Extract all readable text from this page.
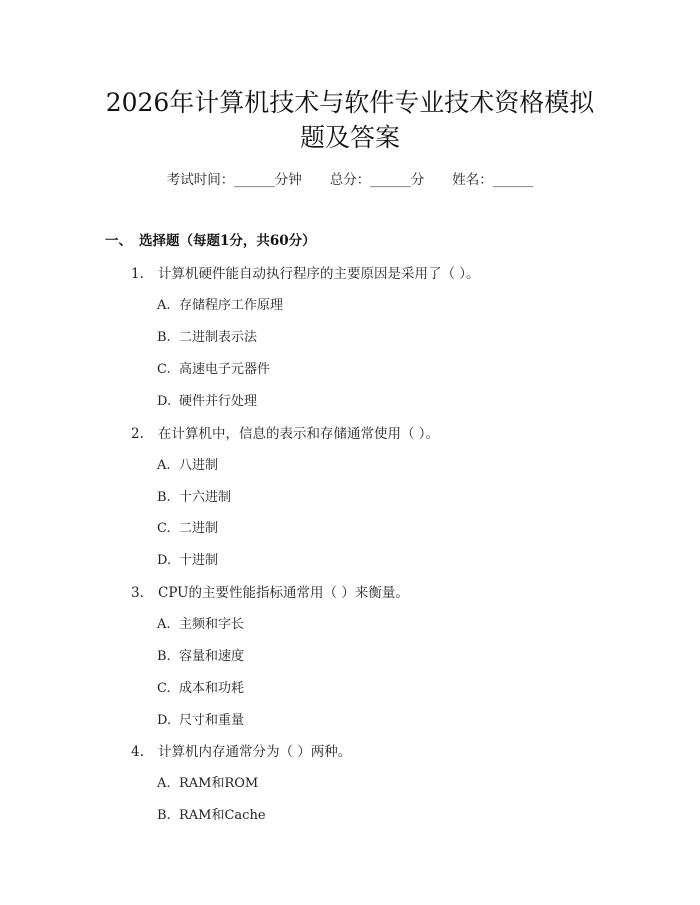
2026年计算机技术与软件专业技术资格模拟
题及答案
考试时间：______分钟 总分：______分 姓名：______
一、 选择题（每题1分，共60分）
1. 计算机硬件能自动执行程序的主要原因是采用了（ ）。
A. 存储程序工作原理
B. 二进制表示法
C. 高速电子元器件
D. 硬件并行处理
2. 在计算机中，信息的表示和存储通常使用（ ）。
A. 八进制
B. 十六进制
C. 二进制
D. 十进制
3. CPU的主要性能指标通常用（ ）来衡量。
A. 主频和字长
B. 容量和速度
C. 成本和功耗
D. 尺寸和重量
4. 计算机内存通常分为（ ）两种。
A. RAM和ROM
B. RAM和Cache
